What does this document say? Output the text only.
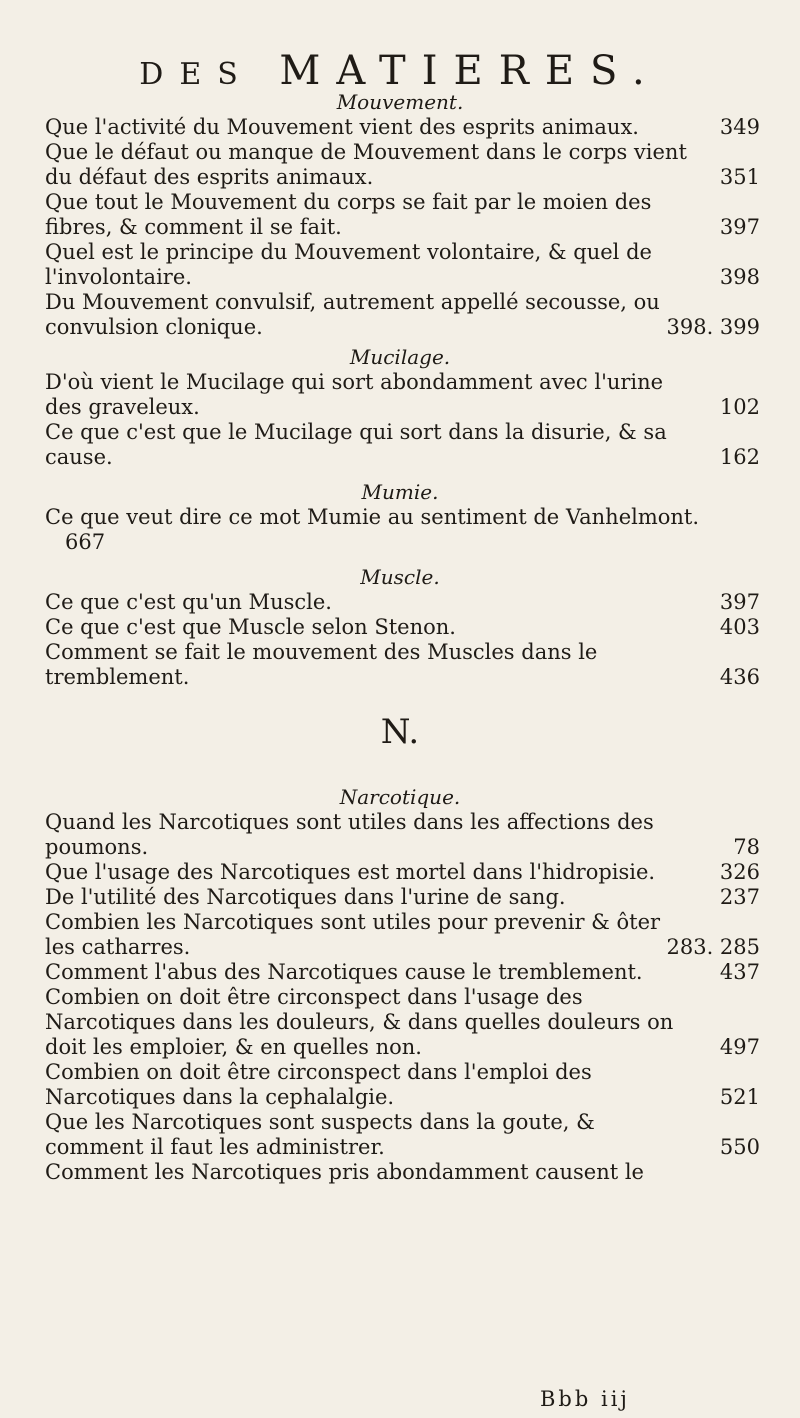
DES MATIERES.
Mouvement.
Que l'activité du Mouvement vient des esprits animaux.	349
Que le défaut ou manque de Mouvement dans le corps vient du défaut des esprits animaux.	351
Que tout le Mouvement du corps se fait par le moien des fibres, & comment il se fait.	397
Quel est le principe du Mouvement volontaire, & quel de l'involontaire.	398
Du Mouvement convulsif, autrement appellé secousse, ou convulsion clonique.	398. 399
Mucilage.
D'où vient le Mucilage qui sort abondamment avec l'urine des graveleux.	102
Ce que c'est que le Mucilage qui sort dans la disurie, & sa cause.	162
Mumie.
Ce que veut dire ce mot Mumie au sentiment de Vanhelmont.
667
Muscle.
Ce que c'est qu'un Muscle.	397
Ce que c'est que Muscle selon Stenon.	403
Comment se fait le mouvement des Muscles dans le tremblement.	436
N.
Narcotique.
Quand les Narcotiques sont utiles dans les affections des poumons.	78
Que l'usage des Narcotiques est mortel dans l'hidropisie.	326
De l'utilité des Narcotiques dans l'urine de sang.	237
Combien les Narcotiques sont utiles pour prevenir & ôter les catharres.	283. 285
Comment l'abus des Narcotiques cause le tremblement.	437
Combien on doit être circonspect dans l'usage des Narcotiques dans les douleurs, & dans quelles douleurs on doit les emploier, & en quelles non.	497
Combien on doit être circonspect dans l'emploi des Narcotiques dans la cephalalgie.	521
Que les Narcotiques sont suspects dans la goute, & comment il faut les administrer.	550
Comment les Narcotiques pris abondamment causent le
Bbb iij
